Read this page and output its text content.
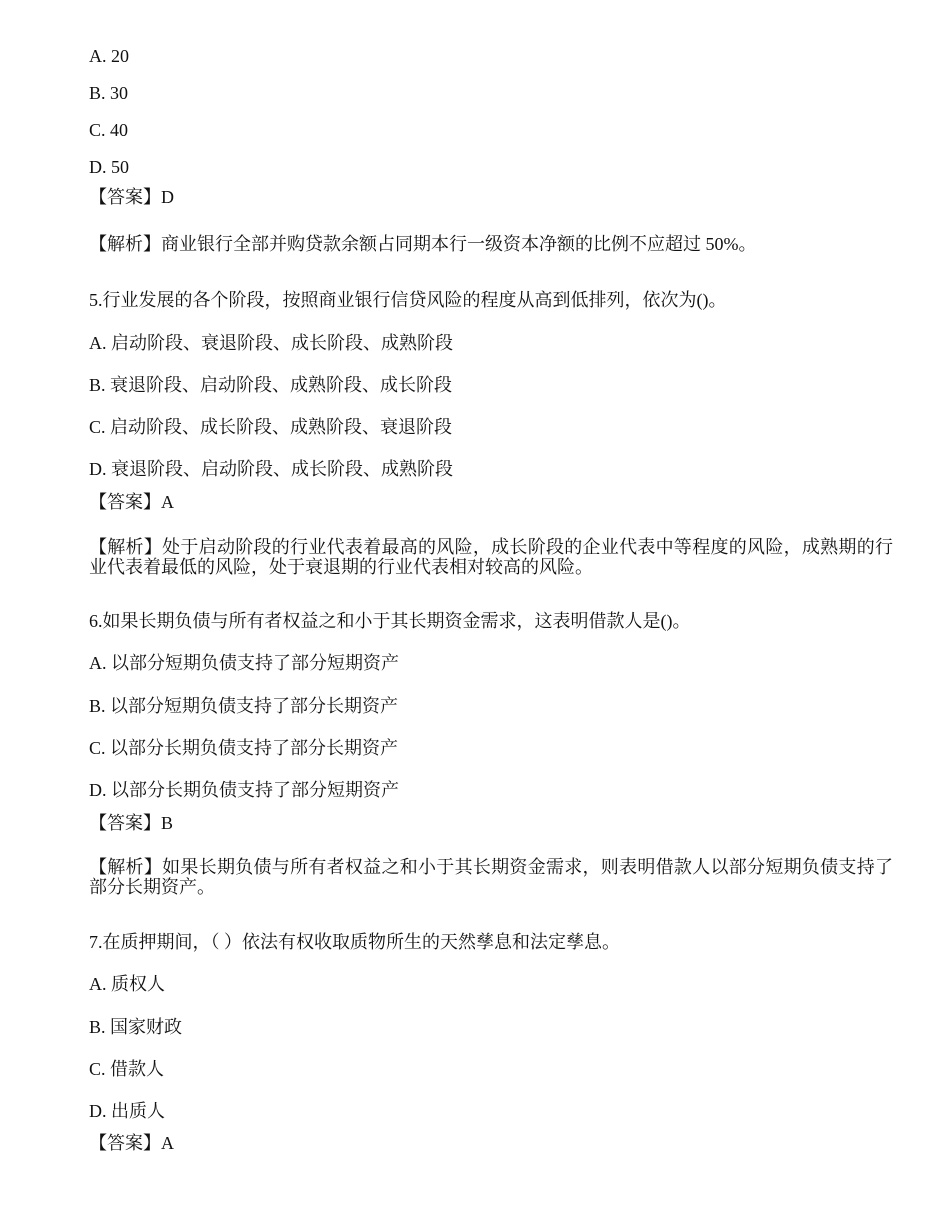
A. 20
B. 30
C. 40
D. 50
【答案】D
【解析】商业银行全部并购贷款余额占同期本行一级资本净额的比例不应超过 50%。
5.行业发展的各个阶段，按照商业银行信贷风险的程度从高到低排列，依次为()。
A. 启动阶段、衰退阶段、成长阶段、成熟阶段
B. 衰退阶段、启动阶段、成熟阶段、成长阶段
C. 启动阶段、成长阶段、成熟阶段、衰退阶段
D. 衰退阶段、启动阶段、成长阶段、成熟阶段
【答案】A
【解析】处于启动阶段的行业代表着最高的风险，成长阶段的企业代表中等程度的风险，成熟期的行业代表着最低的风险，处于衰退期的行业代表相对较高的风险。
6.如果长期负债与所有者权益之和小于其长期资金需求，这表明借款人是()。
A. 以部分短期负债支持了部分短期资产
B. 以部分短期负债支持了部分长期资产
C. 以部分长期负债支持了部分长期资产
D. 以部分长期负债支持了部分短期资产
【答案】B
【解析】如果长期负债与所有者权益之和小于其长期资金需求，则表明借款人以部分短期负债支持了部分长期资产。
7.在质押期间，（ ）依法有权收取质物所生的天然孳息和法定孳息。
A. 质权人
B. 国家财政
C. 借款人
D. 出质人
【答案】A
